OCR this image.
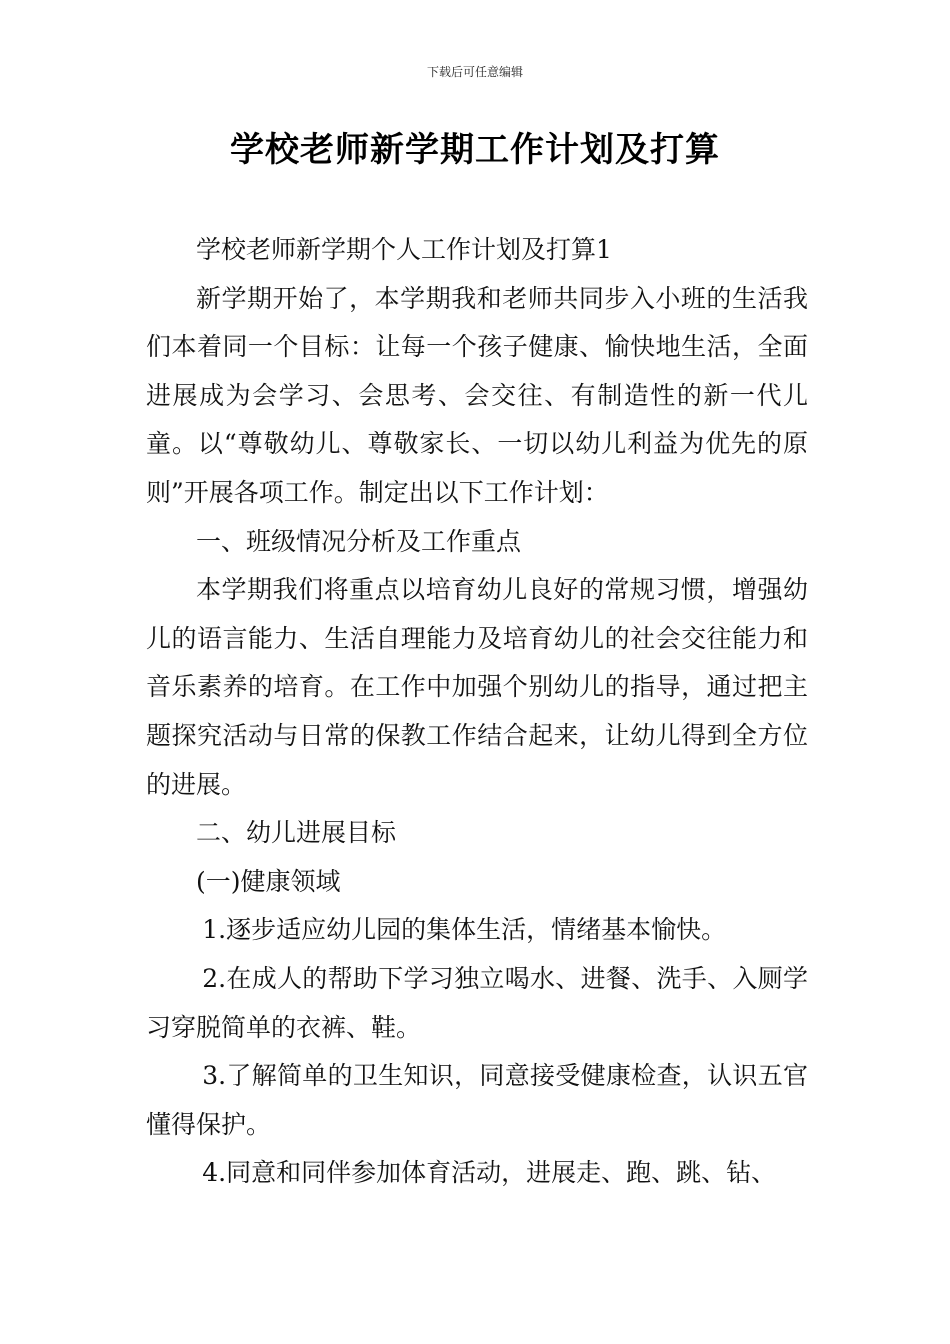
下载后可任意编辑
学校老师新学期工作计划及打算

学校老师新学期个人工作计划及打算1

新学期开始了，本学期我和老师共同步入小班的生活我们本着同一个目标：让每一个孩子健康、愉快地生活，全面进展成为会学习、会思考、会交往、有制造性的新一代儿童。以“尊敬幼儿、尊敬家长、一切以幼儿利益为优先的原则”开展各项工作。制定出以下工作计划：

一、班级情况分析及工作重点

本学期我们将重点以培育幼儿良好的常规习惯，增强幼儿的语言能力、生活自理能力及培育幼儿的社会交往能力和音乐素养的培育。在工作中加强个别幼儿的指导，通过把主题探究活动与日常的保教工作结合起来，让幼儿得到全方位的进展。

二、幼儿进展目标

(一)健康领域

1.逐步适应幼儿园的集体生活，情绪基本愉快。

2.在成人的帮助下学习独立喝水、进餐、洗手、入厕学习穿脱简单的衣裤、鞋。

3.了解简单的卫生知识，同意接受健康检查，认识五官懂得保护。

4.同意和同伴参加体育活动，进展走、跑、跳、钻、
